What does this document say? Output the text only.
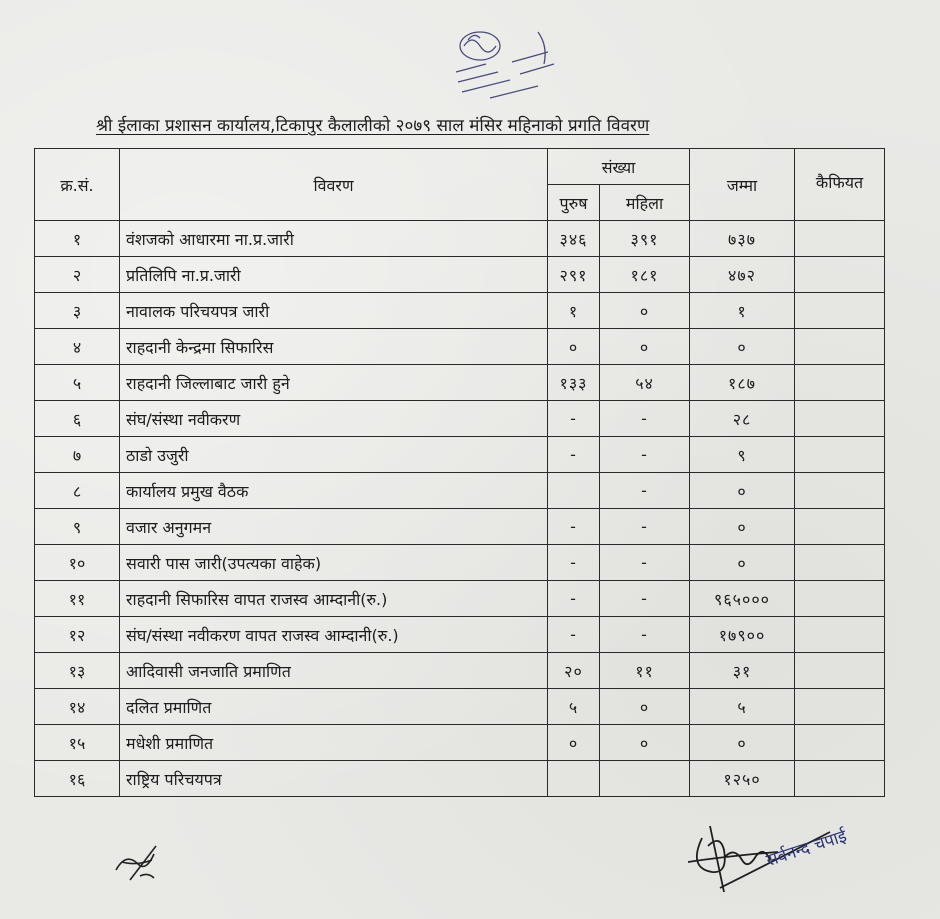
श्री ईलाका प्रशासन कार्यालय,टिकापुर कैलालीको २०७९ साल मंसिर महिनाको प्रगति विवरण
क्र.सं.	विवरण	संख्या		जम्मा	कैफियत
		पुरुष	महिला		
१	वंशजको आधारमा ना.प्र.जारी	३४६	३९१	७३७	
२	प्रतिलिपि ना.प्र.जारी	२९१	१८१	४७२	
३	नावालक परिचयपत्र जारी	१	०	१	
४	राहदानी केन्द्रमा सिफारिस	०	०	०	
५	राहदानी जिल्लाबाट जारी हुने	१३३	५४	१८७	
६	संघ/संस्था नवीकरण	-	-	२८	
७	ठाडो उजुरी	-	-	९	
८	कार्यालय प्रमुख वैठक		-	०	
९	वजार अनुगमन	-	-	०	
१०	सवारी पास जारी(उपत्यका वाहेक)	-	-	०	
११	राहदानी सिफारिस वापत राजस्व आम्दानी(रु.)	-	-	९६५०००	
१२	संघ/संस्था नवीकरण वापत राजस्व आम्दानी(रु.)	-	-	१७९००	
१३	आदिवासी जनजाति प्रमाणित	२०	११	३१	
१४	दलित प्रमाणित	५	०	५	
१५	मधेशी प्रमाणित	०	०	०	
१६	राष्ट्रिय परिचयपत्र			१२५०	
सर्वनन्द चपाई
